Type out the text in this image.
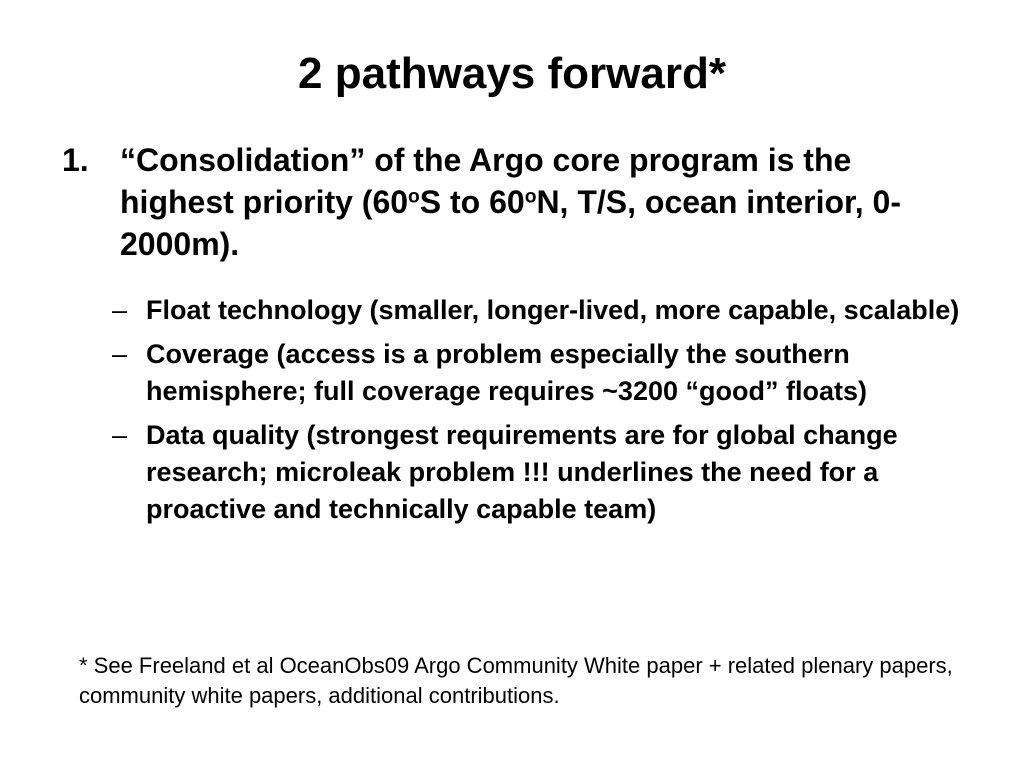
2 pathways forward*
1. “Consolidation” of the Argo core program is the highest priority (60$^o$S to 60$^o$N, T/S, ocean interior, 0-2000m).
– Float technology (smaller, longer-lived, more capable, scalable)
– Coverage (access is a problem especially the southern hemisphere; full coverage requires ~3200 “good” floats)
– Data quality (strongest requirements are for global change research; microleak problem !!! underlines the need for a proactive and technically capable team)
* See Freeland et al OceanObs09 Argo Community White paper + related plenary papers, community white papers, additional contributions.
